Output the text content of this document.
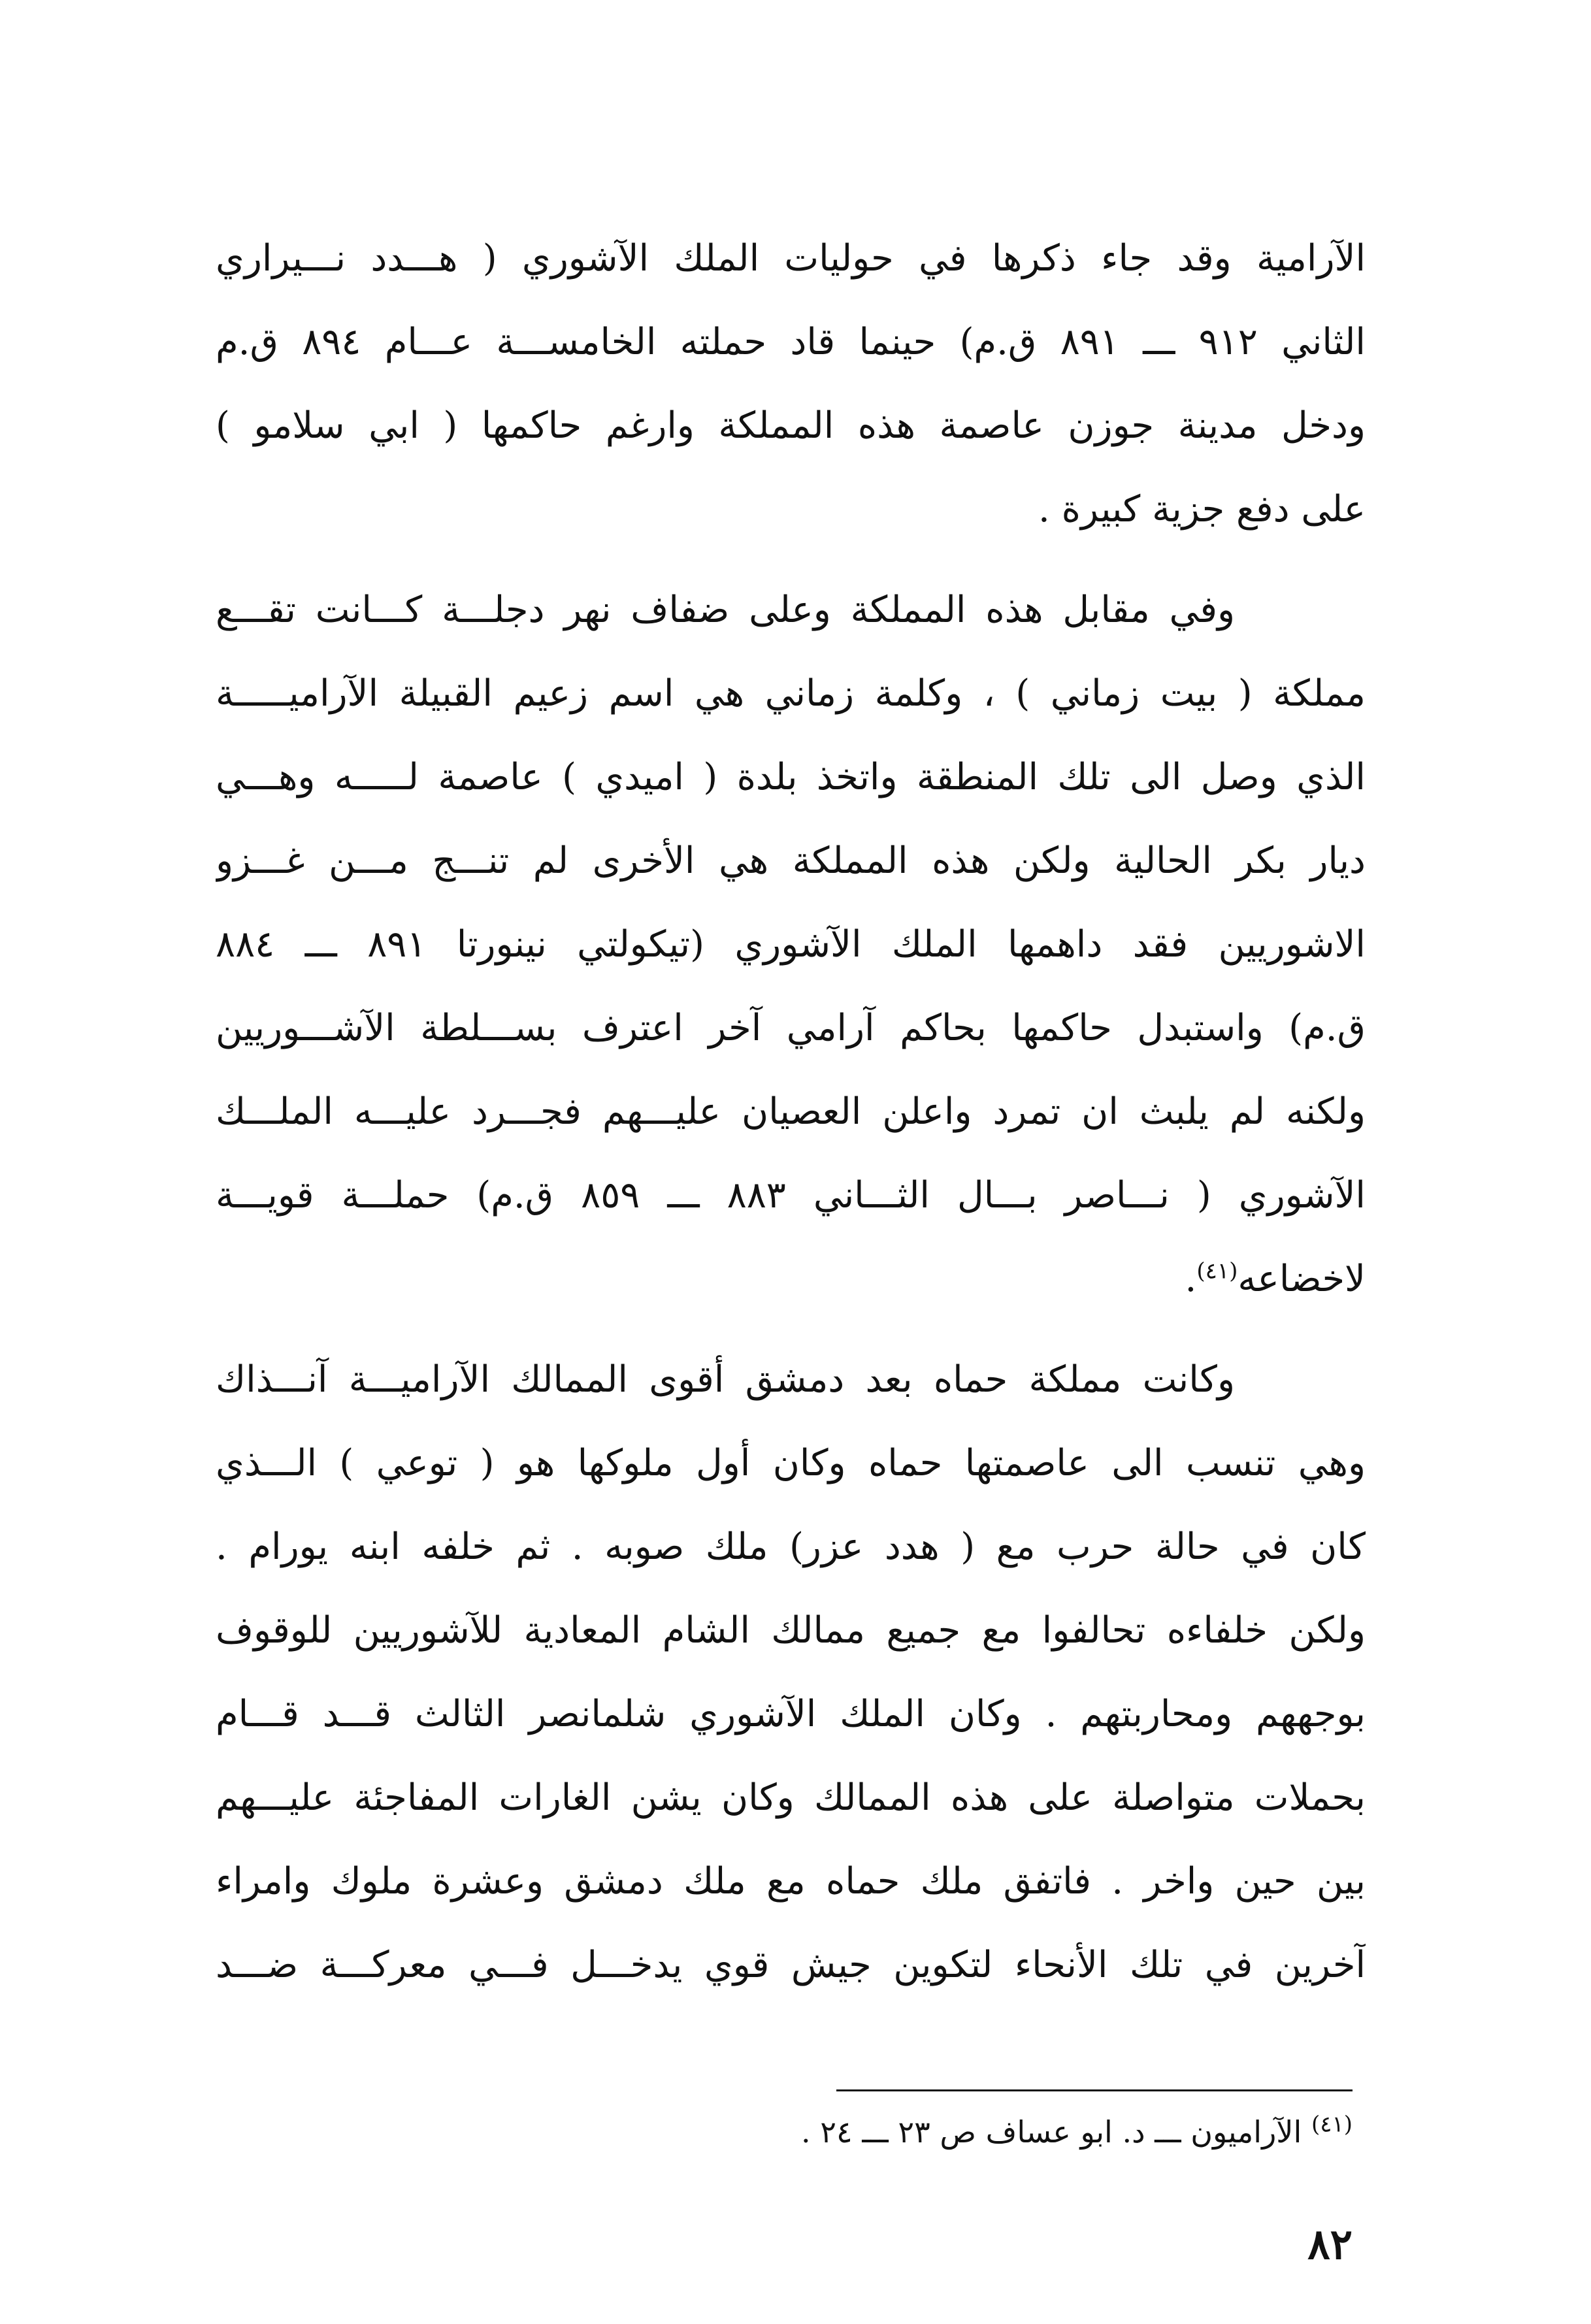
الآرامية وقد جاء ذكرها في حوليات الملك الآشوري ( هـــدد نـــيراري
الثاني ٩١٢ ـــ ٨٩١ ق.م) حينما قاد حملته الخامســـة عـــام ٨٩٤ ق.م
ودخل مدينة جوزن عاصمة هذه المملكة وارغم حاكمها ( ابي سلامو )
على دفع جزية كبيرة .

وفي مقابل هذه المملكة وعلى ضفاف نهر دجلـــة كـــانت تقـــع
مملكة ( بيت زماني ) ، وكلمة زماني هي اسم زعيم القبيلة الآراميـــــة
الذي وصل الى تلك المنطقة واتخذ بلدة ( اميدي ) عاصمة لـــــه وهـــي
ديار بكر الحالية ولكن هذه المملكة هي الأخرى لم تنـــج مـــن غـــزو
الاشوريين فقد داهمها الملك الآشوري (تيكولتي نينورتا ٨٩١ ـــ ٨٨٤
ق.م) واستبدل حاكمها بحاكم آرامي آخر اعترف بســـلطة الآشـــوريين
ولكنه لم يلبث ان تمرد واعلن العصيان عليـــهم فجـــرد عليـــه الملـــك
الآشوري ( نـــاصر بـــال الثـــاني ٨٨٣ ـــ ٨٥٩ ق.م) حملـــة قويـــة
لاخضاعه$^{(٤١)}$.

وكانت مملكة حماه بعد دمشق أقوى الممالك الآراميـــة آنـــذاك
وهي تنسب الى عاصمتها حماه وكان أول ملوكها هو ( توعي ) الـــذي
كان في حالة حرب مع ( هدد عزر) ملك صوبه . ثم خلفه ابنه يورام .
ولكن خلفاءه تحالفوا مع جميع ممالك الشام المعادية للآشوريين للوقوف
بوجههم ومحاربتهم . وكان الملك الآشوري شلمانصر الثالث قـــد قـــام
بحملات متواصلة على هذه الممالك وكان يشن الغارات المفاجئة عليـــهم
بين حين واخر . فاتفق ملك حماه مع ملك دمشق وعشرة ملوك وامراء
آخرين في تلك الأنحاء لتكوين جيش قوي يدخـــل فـــي معركـــة ضـــد

$^{(٤١)}$ الآراميون ـــ د. ابو عساف ص ٢٣ ـــ ٢٤ .
٨٢
